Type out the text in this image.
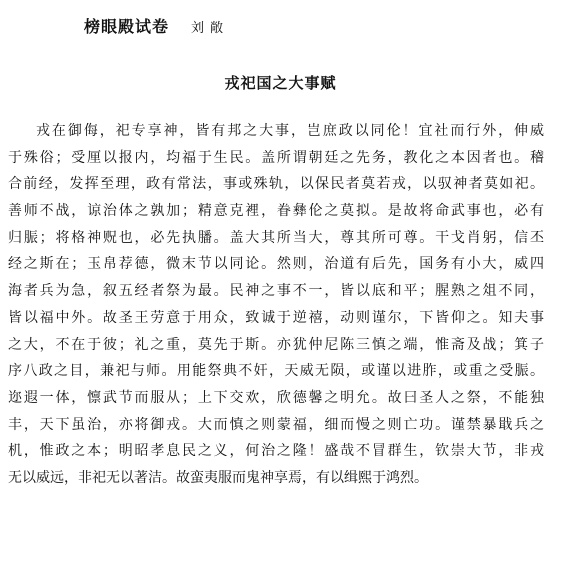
榜眼殿试卷 刘敞
戎祀国之大事赋
戎在御侮，祀专享神，皆有邦之大事，岂庶政以同伦！宜社而行外，伸威
于殊俗；受厘以报内，均福于生民。盖所谓朝廷之先务，教化之本因者也。稽
合前经，发挥至理，政有常法，事或殊轨，以保民者莫若戎，以驭神者莫如祀。
善师不战，谅治体之孰加；精意克裡，眷彝伦之莫拟。是故将命武事也，必有
归脤；将格神贶也，必先执膰。盖大其所当大，尊其所可尊。干戈肖躬，信丕
经之斯在；玉帛荐德，微末节以同论。然则，治道有后先，国务有小大，威四
海者兵为急，叙五经者祭为最。民神之事不一，皆以底和平；腥熟之俎不同，
皆以福中外。故圣王劳意于用众，致诚于逆禧，动则谨尔，下皆仰之。知夫事
之大，不在于彼；礼之重，莫先于斯。亦犹仲尼陈三慎之端，惟斋及战；箕子
序八政之目，兼祀与师。用能祭典不奸，天威无陨，或谨以进胙，或重之受脤。
迩遐一体，懔武节而服从；上下交欢，欣德馨之明允。故曰圣人之祭，不能独
丰，天下虽治，亦将御戎。大而慎之则蒙福，细而慢之则亡功。谨禁暴戢兵之
机，惟政之本；明昭孝息民之义，何治之隆！盛哉不冒群生，钦崇大节，非戎
无以威远，非祀无以著洁。故蛮夷服而鬼神享焉，有以缉熙于鸿烈。
